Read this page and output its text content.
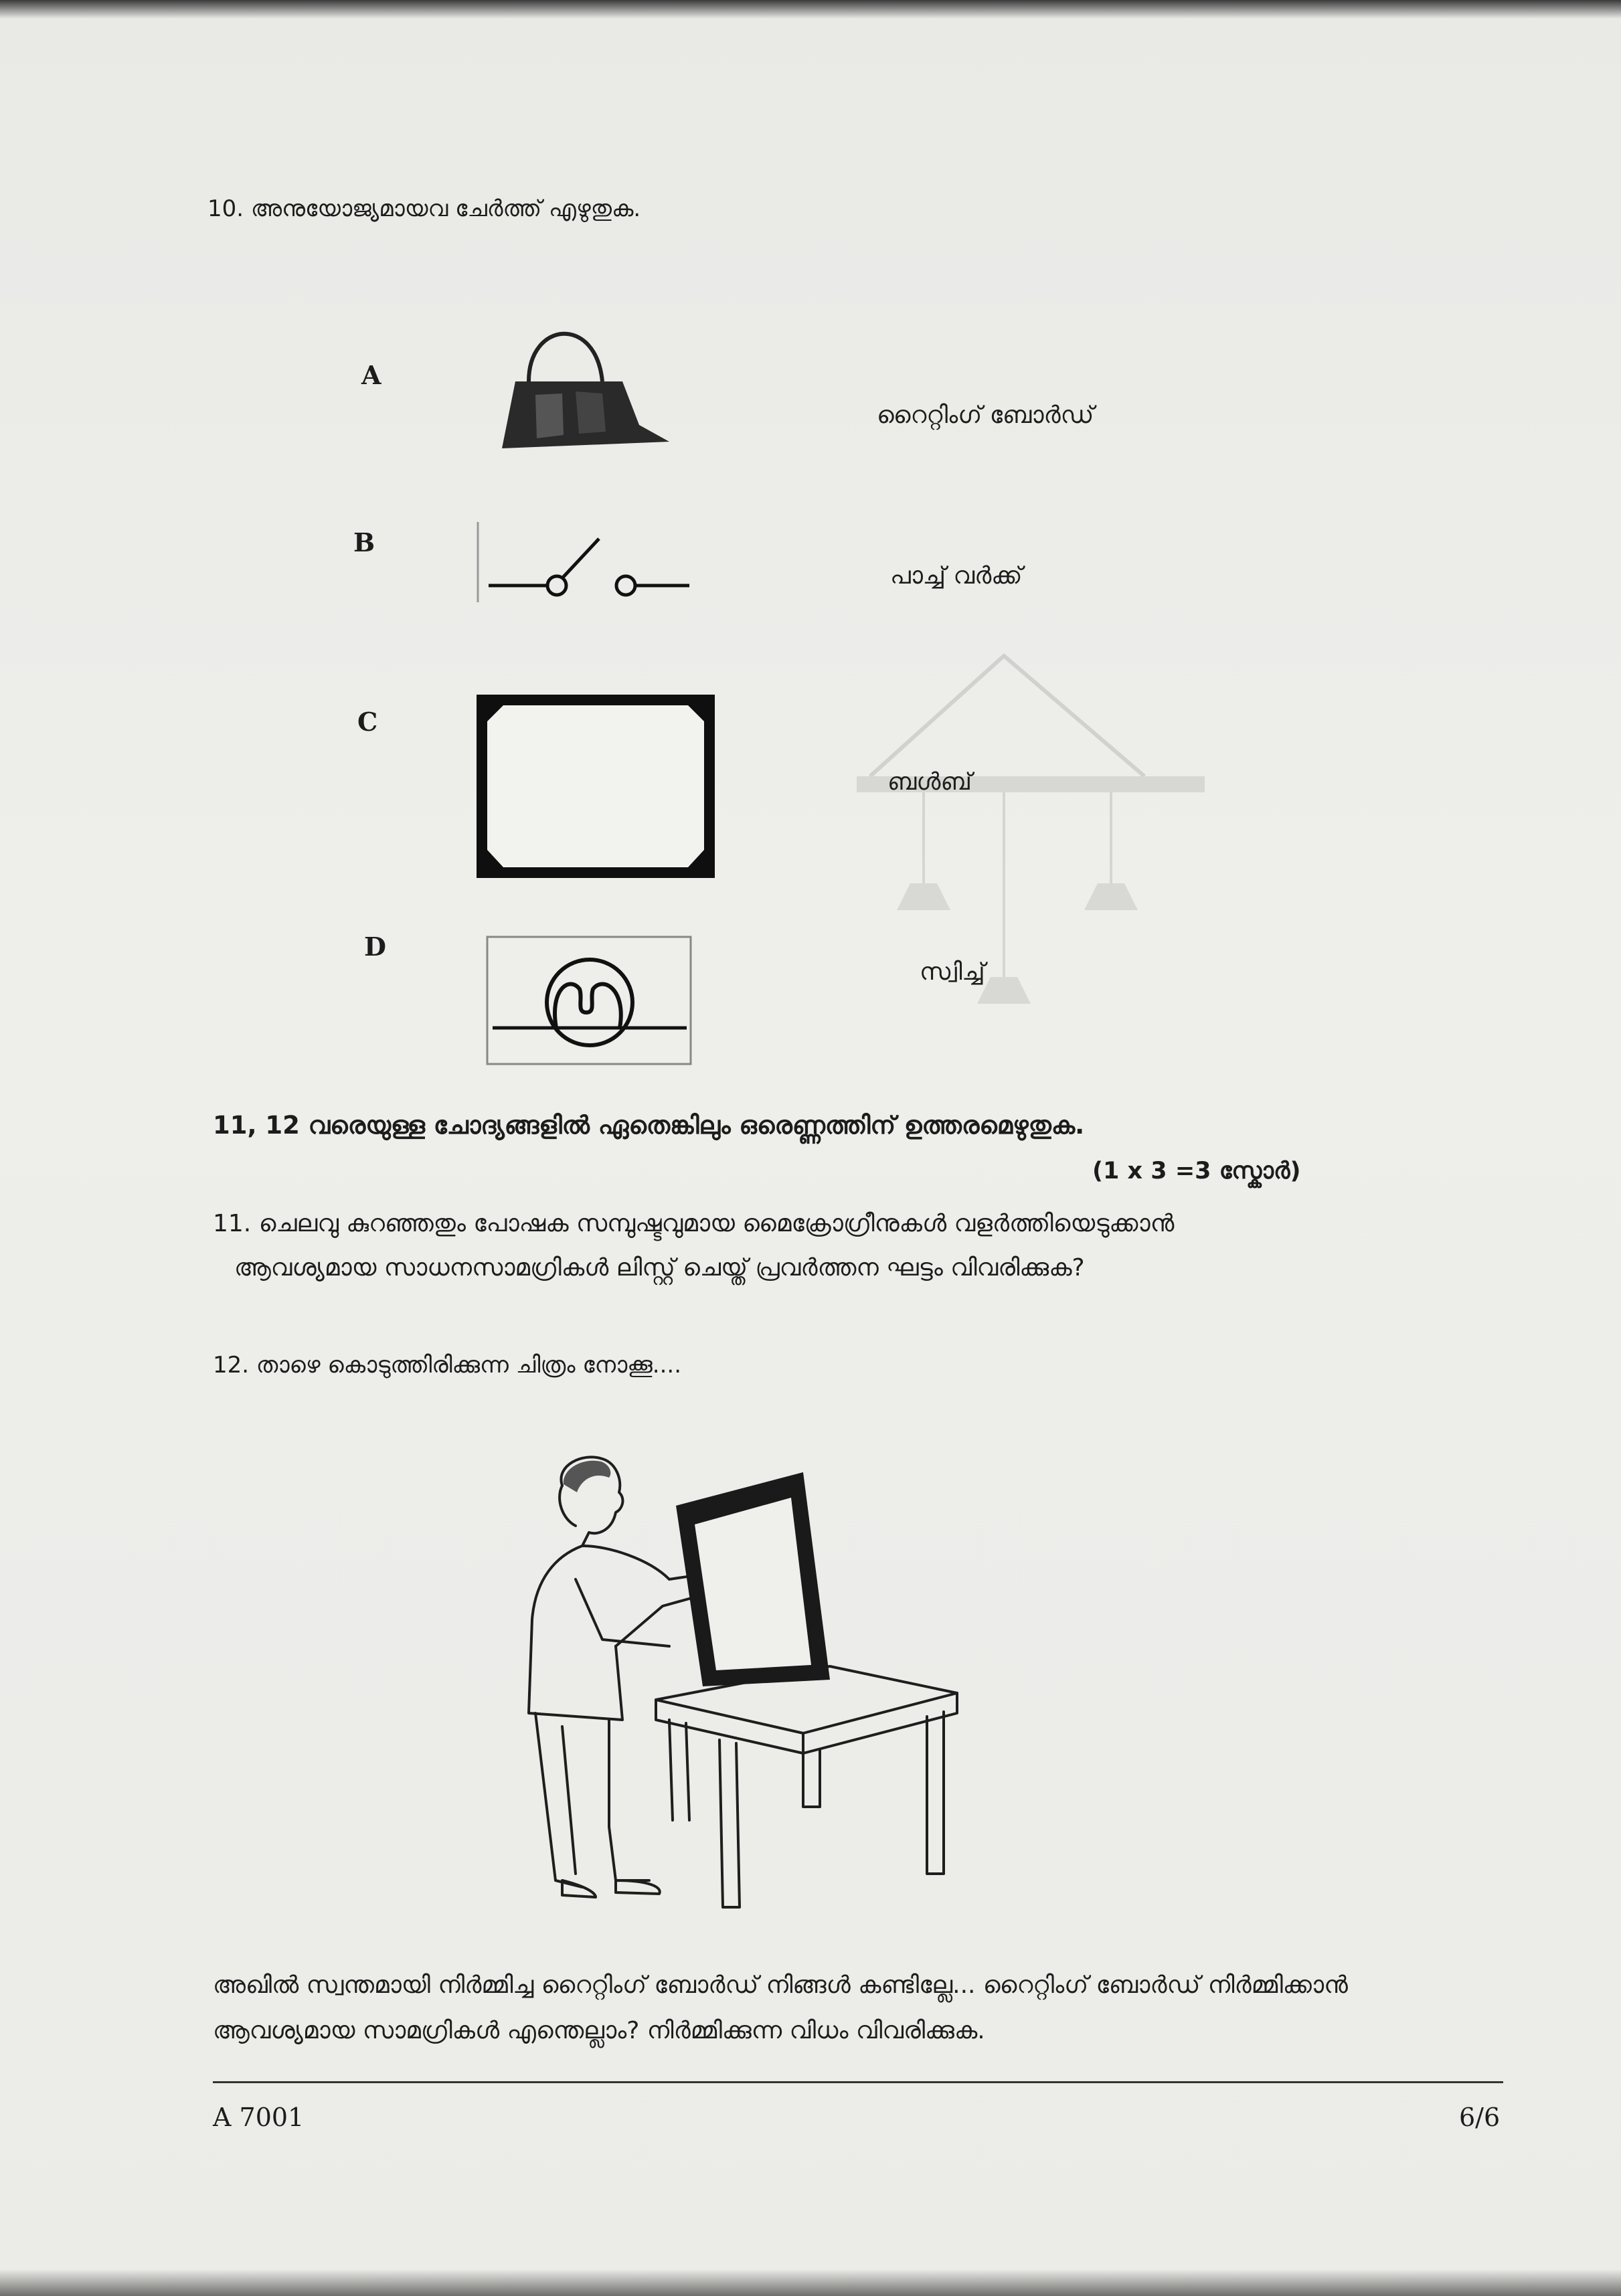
10. അനുയോജ്യമായവ ചേർത്ത് എഴുതുക.
A
B
C
D
റൈറ്റിംഗ് ബോർഡ്
പാച്ച് വർക്ക്
ബൾബ്
സ്വിച്ച്
11, 12 വരെയുള്ള ചോദ്യങ്ങളിൽ ഏതെങ്കിലും ഒരെണ്ണത്തിന് ഉത്തരമെഴുതുക.
(1 x 3 =3 സ്കോർ)
11. ചെലവു കുറഞ്ഞതും പോഷക സമ്പുഷ്ടവുമായ മൈക്രോഗ്രീനുകൾ വളർത്തിയെടുക്കാൻ
ആവശ്യമായ സാധനസാമഗ്രികൾ ലിസ്റ്റ് ചെയ്ത് പ്രവർത്തന ഘട്ടം വിവരിക്കുക?
12. താഴെ കൊടുത്തിരിക്കുന്ന ചിത്രം നോക്കൂ....
അഖിൽ സ്വന്തമായി നിർമ്മിച്ച റൈറ്റിംഗ് ബോർഡ് നിങ്ങൾ കണ്ടില്ലേ... റൈറ്റിംഗ് ബോർഡ് നിർമ്മിക്കാൻ
ആവശ്യമായ സാമഗ്രികൾ എന്തെല്ലാം? നിർമ്മിക്കുന്ന വിധം വിവരിക്കുക.
A 7001	6/6
